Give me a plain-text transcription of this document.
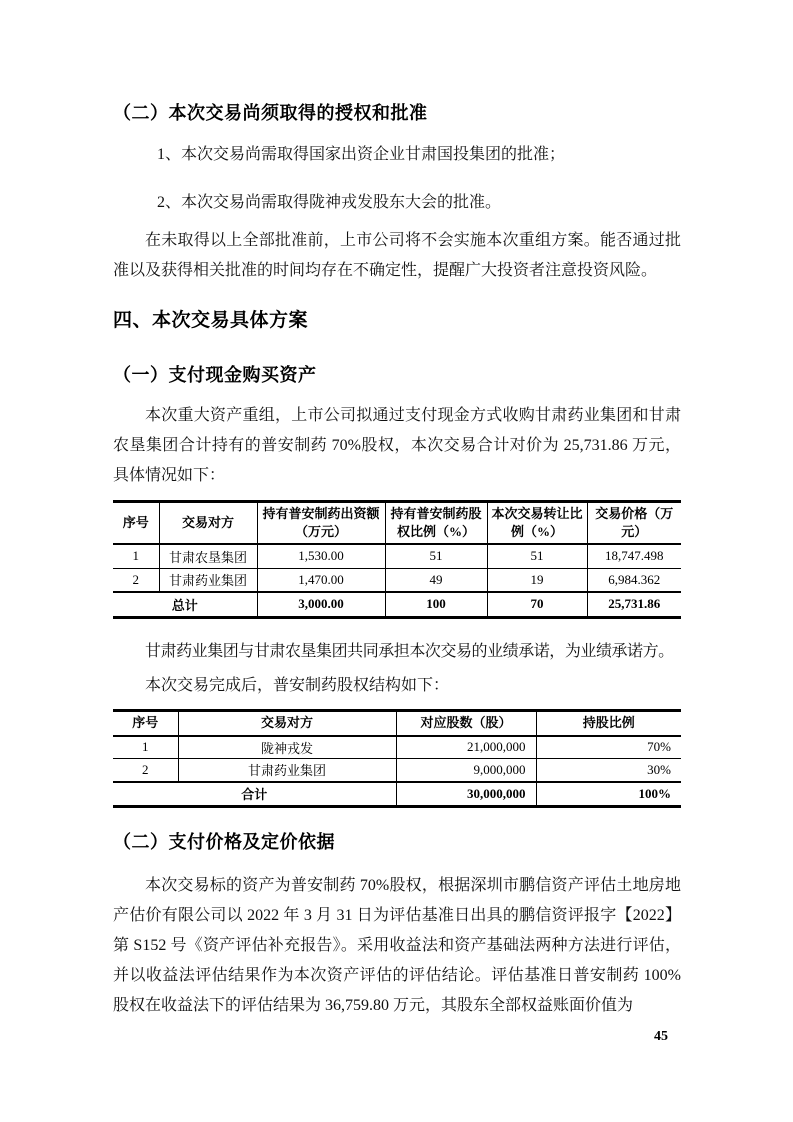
（二）本次交易尚须取得的授权和批准

1、本次交易尚需取得国家出资企业甘肃国投集团的批准；

2、本次交易尚需取得陇神戎发股东大会的批准。

在未取得以上全部批准前，上市公司将不会实施本次重组方案。能否通过批准以及获得相关批准的时间均存在不确定性，提醒广大投资者注意投资风险。

四、本次交易具体方案
（一）支付现金购买资产

本次重大资产重组，上市公司拟通过支付现金方式收购甘肃药业集团和甘肃农垦集团合计持有的普安制药 70%股权，本次交易合计对价为 25,731.86 万元，具体情况如下：

序号	交易对方	持有普安制药出资额（万元）	持有普安制药股权比例（%）	本次交易转让比例（%）	交易价格（万元）
1	甘肃农垦集团	1,530.00	51	51	18,747.498
2	甘肃药业集团	1,470.00	49	19	6,984.362
总计		3,000.00	100	70	25,731.86

甘肃药业集团与甘肃农垦集团共同承担本次交易的业绩承诺，为业绩承诺方。

本次交易完成后，普安制药股权结构如下：

序号	交易对方	对应股数（股）	持股比例
1	陇神戎发	21,000,000	70%
2	甘肃药业集团	9,000,000	30%
合计		30,000,000	100%
（二）支付价格及定价依据

本次交易标的资产为普安制药 70%股权，根据深圳市鹏信资产评估土地房地产估价有限公司以 2022 年 3 月 31 日为评估基准日出具的鹏信资评报字【2022】第 S152 号《资产评估补充报告》。采用收益法和资产基础法两种方法进行评估，并以收益法评估结果作为本次资产评估的评估结论。评估基准日普安制药 100%股权在收益法下的评估结果为 36,759.80 万元，其股东全部权益账面价值为

45
